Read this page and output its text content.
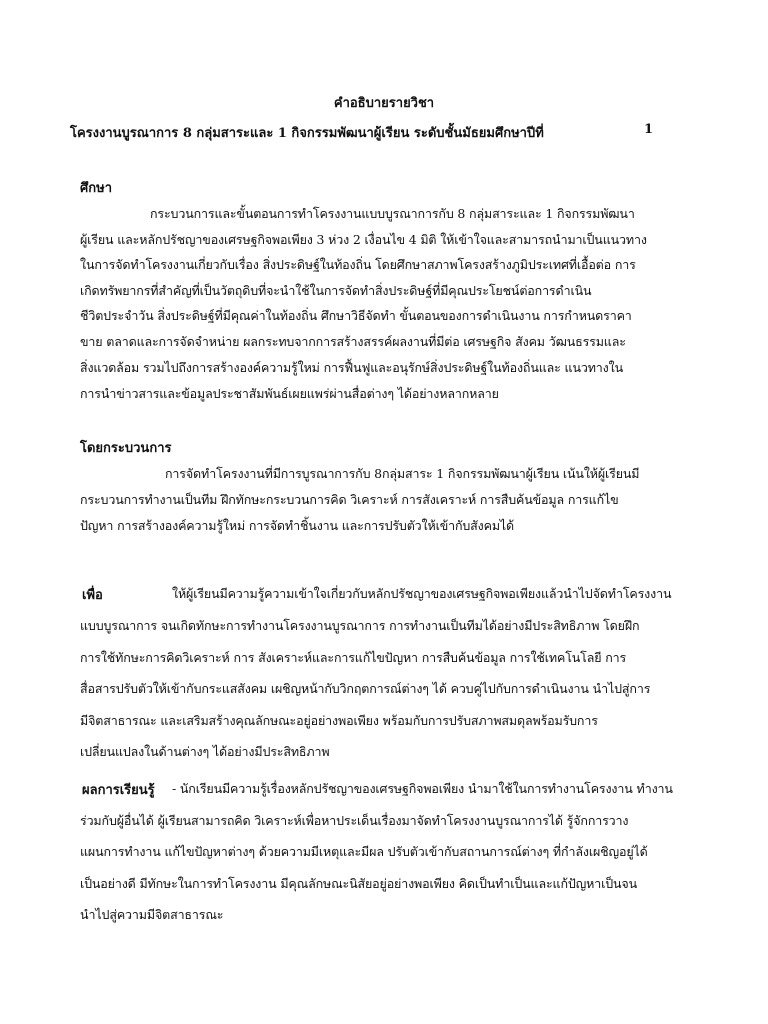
คำอธิบายรายวิชา
โครงงานบูรณาการ 8 กลุ่มสาระและ 1 กิจกรรมพัฒนาผู้เรียน ระดับชั้นมัธยมศึกษาปีที่	1
ศึกษา
กระบวนการและขั้นตอนการทำโครงงานแบบบูรณาการกับ 8 กลุ่มสาระและ 1 กิจกรรมพัฒนา
ผู้เรียน และหลักปรัชญาของเศรษฐกิจพอเพียง 3 ห่วง 2 เงื่อนไข 4 มิติ ให้เข้าใจและสามารถนำมาเป็นแนวทาง
ในการจัดทำโครงงานเกี่ยวกับเรื่อง สิ่งประดิษฐ์ในท้องถิ่น โดยศึกษาสภาพโครงสร้างภูมิประเทศที่เอื้อต่อ การ
เกิดทรัพยากรที่สำคัญที่เป็นวัตถุดิบที่จะนำใช้ในการจัดทำสิ่งประดิษฐ์ที่มีคุณประโยชน์ต่อการดำเนิน
ชีวิตประจำวัน สิ่งประดิษฐ์ที่มีคุณค่าในท้องถิ่น ศึกษาวิธีจัดทำ ขั้นตอนของการดำเนินงาน การกำหนดราคา
ขาย ตลาดและการจัดจำหน่าย ผลกระทบจากการสร้างสรรค์ผลงานที่มีต่อ เศรษฐกิจ สังคม วัฒนธรรมและ
สิ่งแวดล้อม รวมไปถึงการสร้างองค์ความรู้ใหม่ การฟื้นฟูและอนุรักษ์สิ่งประดิษฐ์ในท้องถิ่นและ แนวทางใน
การนำข่าวสารและข้อมูลประชาสัมพันธ์เผยแพร่ผ่านสื่อต่างๆ ได้อย่างหลากหลาย
โดยกระบวนการ
การจัดทำโครงงานที่มีการบูรณาการกับ 8กลุ่มสาระ 1 กิจกรรมพัฒนาผู้เรียน เน้นให้ผู้เรียนมี
กระบวนการทำงานเป็นทีม ฝึกทักษะกระบวนการคิด วิเคราะห์ การสังเคราะห์ การสืบค้นข้อมูล การแก้ไข
ปัญหา การสร้างองค์ความรู้ใหม่ การจัดทำชิ้นงาน และการปรับตัวให้เข้ากับสังคมได้
เพื่อ	ให้ผู้เรียนมีความรู้ความเข้าใจเกี่ยวกับหลักปรัชญาของเศรษฐกิจพอเพียงแล้วนำไปจัดทำโครงงาน
แบบบูรณาการ จนเกิดทักษะการทำงานโครงงานบูรณาการ การทำงานเป็นทีมได้อย่างมีประสิทธิภาพ โดยฝึก
การใช้ทักษะการคิดวิเคราะห์ การ สังเคราะห์และการแก้ไขปัญหา การสืบค้นข้อมูล การใช้เทคโนโลยี การ
สื่อสารปรับตัวให้เข้ากับกระแสสังคม เผชิญหน้ากับวิกฤตการณ์ต่างๆ ได้ ควบคู่ไปกับการดำเนินงาน นำไปสู่การ
มีจิตสาธารณะ และเสริมสร้างคุณลักษณะอยู่อย่างพอเพียง พร้อมกับการปรับสภาพสมดุลพร้อมรับการ
เปลี่ยนแปลงในด้านต่างๆ ได้อย่างมีประสิทธิภาพ
ผลการเรียนรู้ - นักเรียนมีความรู้เรื่องหลักปรัชญาของเศรษฐกิจพอเพียง นำมาใช้ในการทำงานโครงงาน ทำงาน
ร่วมกับผู้อื่นได้ ผู้เรียนสามารถคิด วิเคราะห์เพื่อหาประเด็นเรื่องมาจัดทำโครงงานบูรณาการได้ รู้จักการวาง
แผนการทำงาน แก้ไขปัญหาต่างๆ ด้วยความมีเหตุและมีผล ปรับตัวเข้ากับสถานการณ์ต่างๆ ที่กำลังเผชิญอยู่ได้
เป็นอย่างดี มีทักษะในการทำโครงงาน มีคุณลักษณะนิสัยอยู่อย่างพอเพียง คิดเป็นทำเป็นและแก้ปัญหาเป็นจน
นำไปสู่ความมีจิตสาธารณะ
